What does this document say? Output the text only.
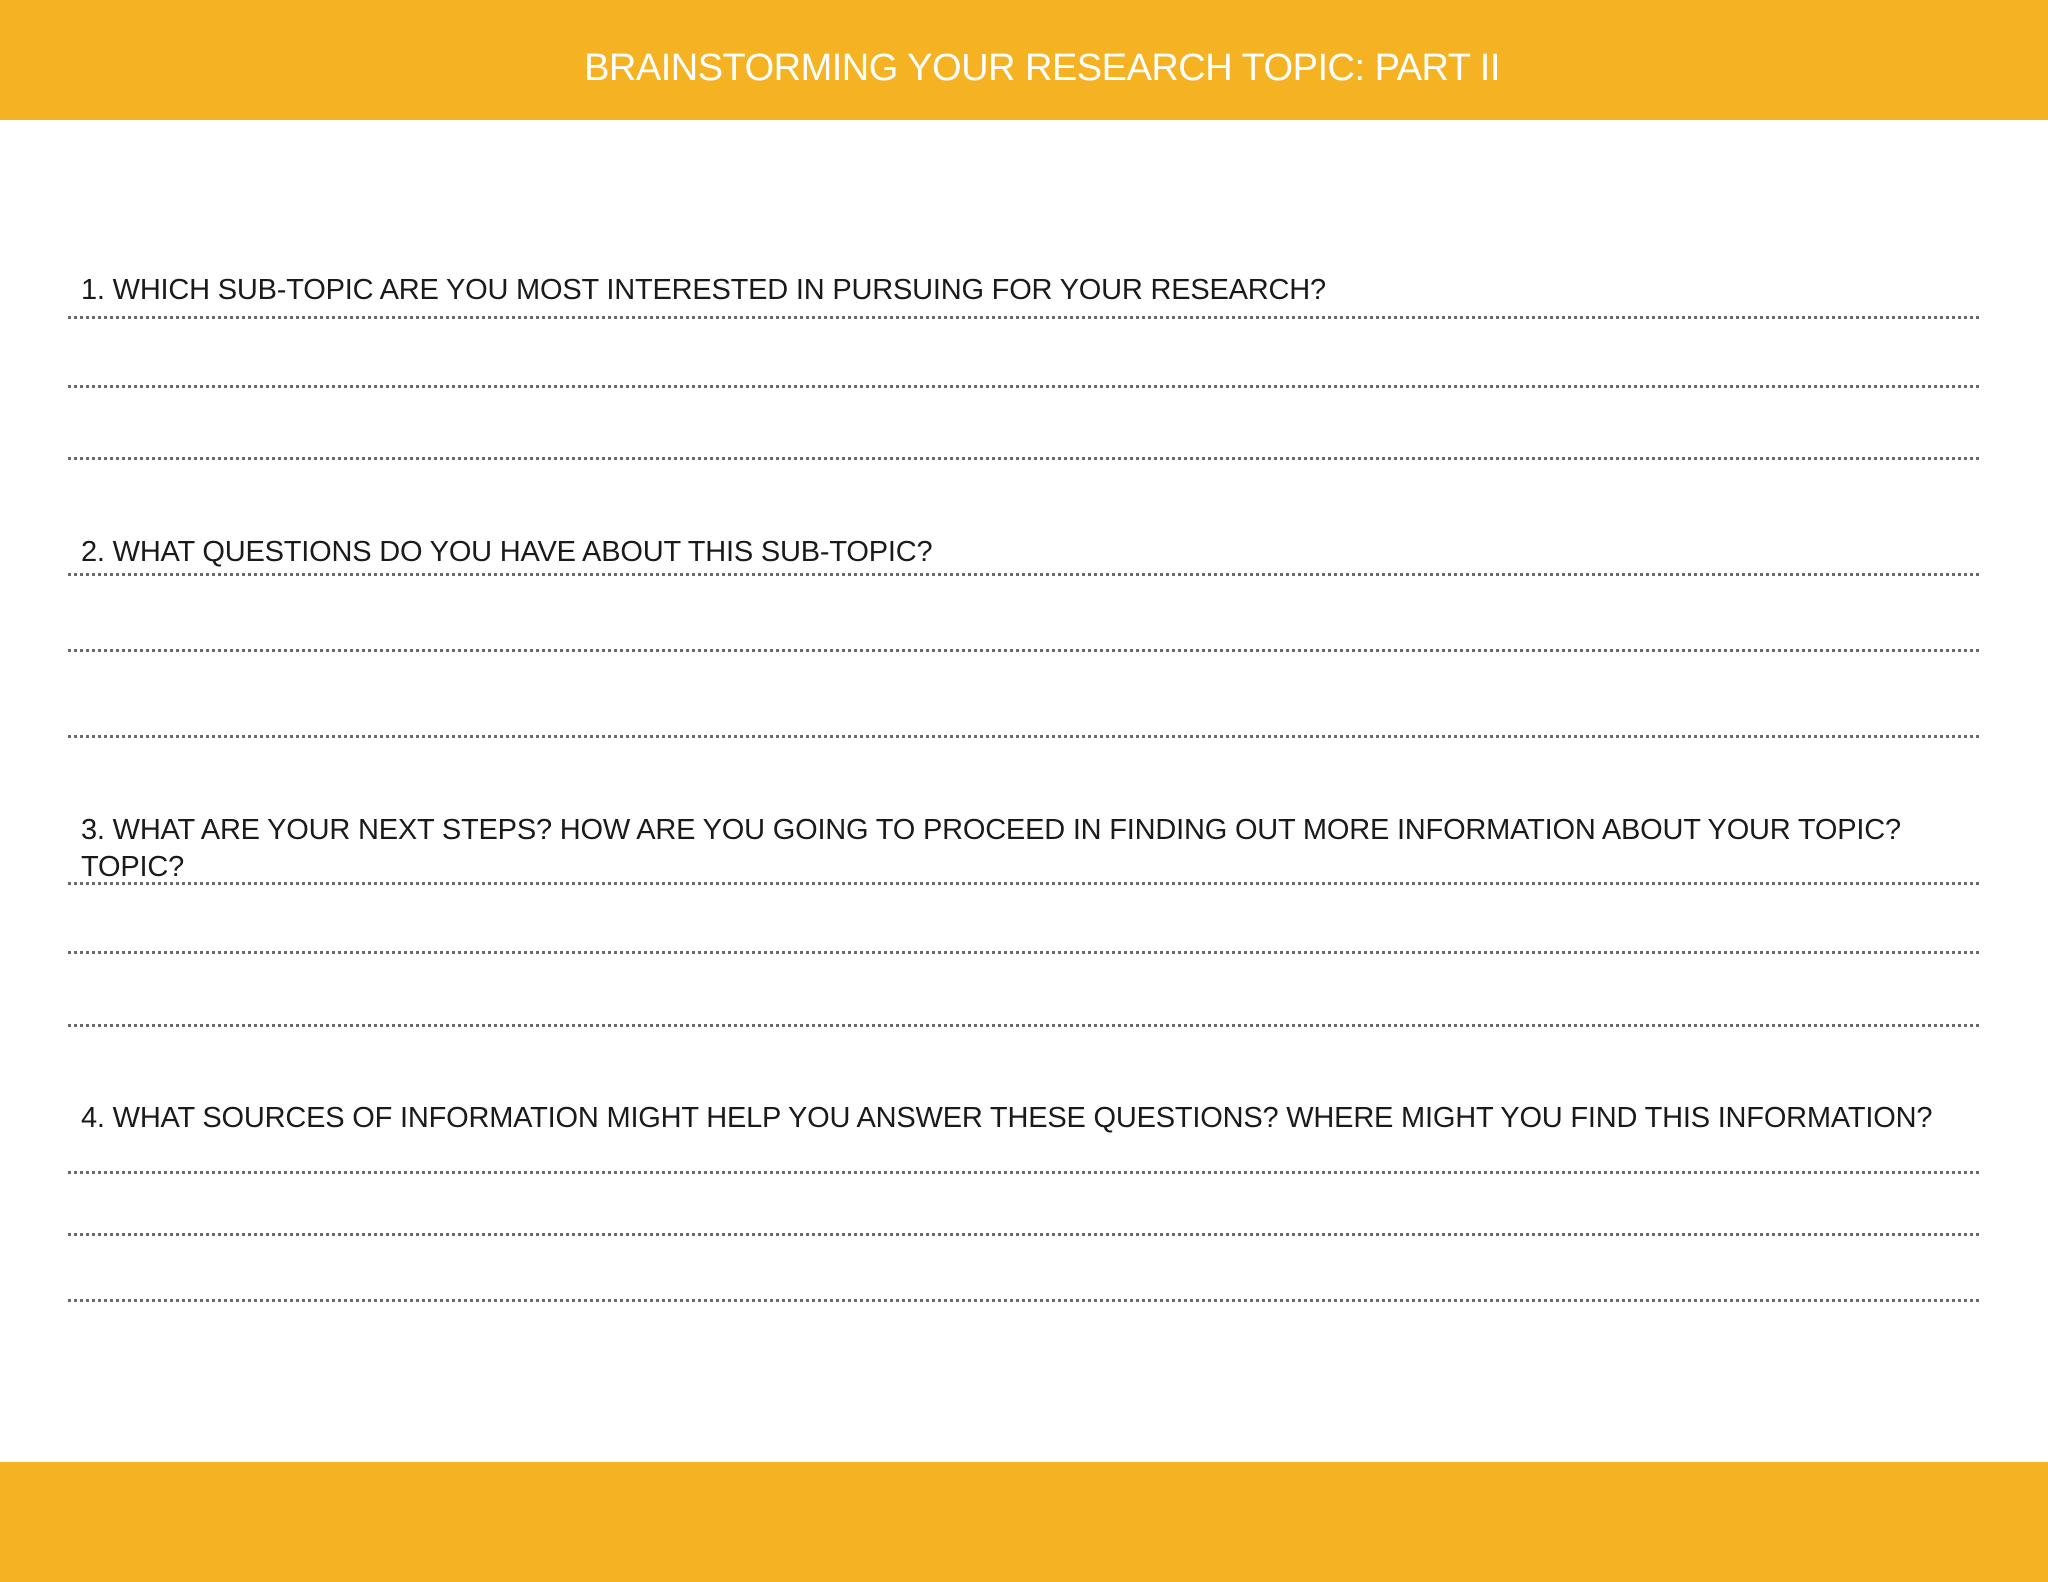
BRAINSTORMING YOUR RESEARCH TOPIC: PART II
1. WHICH SUB-TOPIC ARE YOU MOST INTERESTED IN PURSUING FOR YOUR RESEARCH?
2. WHAT QUESTIONS DO YOU HAVE ABOUT THIS SUB-TOPIC?
3. WHAT ARE YOUR NEXT STEPS? HOW ARE YOU GOING TO PROCEED IN FINDING OUT MORE INFORMATION ABOUT YOUR TOPIC?
TOPIC?
4. WHAT SOURCES OF INFORMATION MIGHT HELP YOU ANSWER THESE QUESTIONS? WHERE MIGHT YOU FIND THIS INFORMATION?
